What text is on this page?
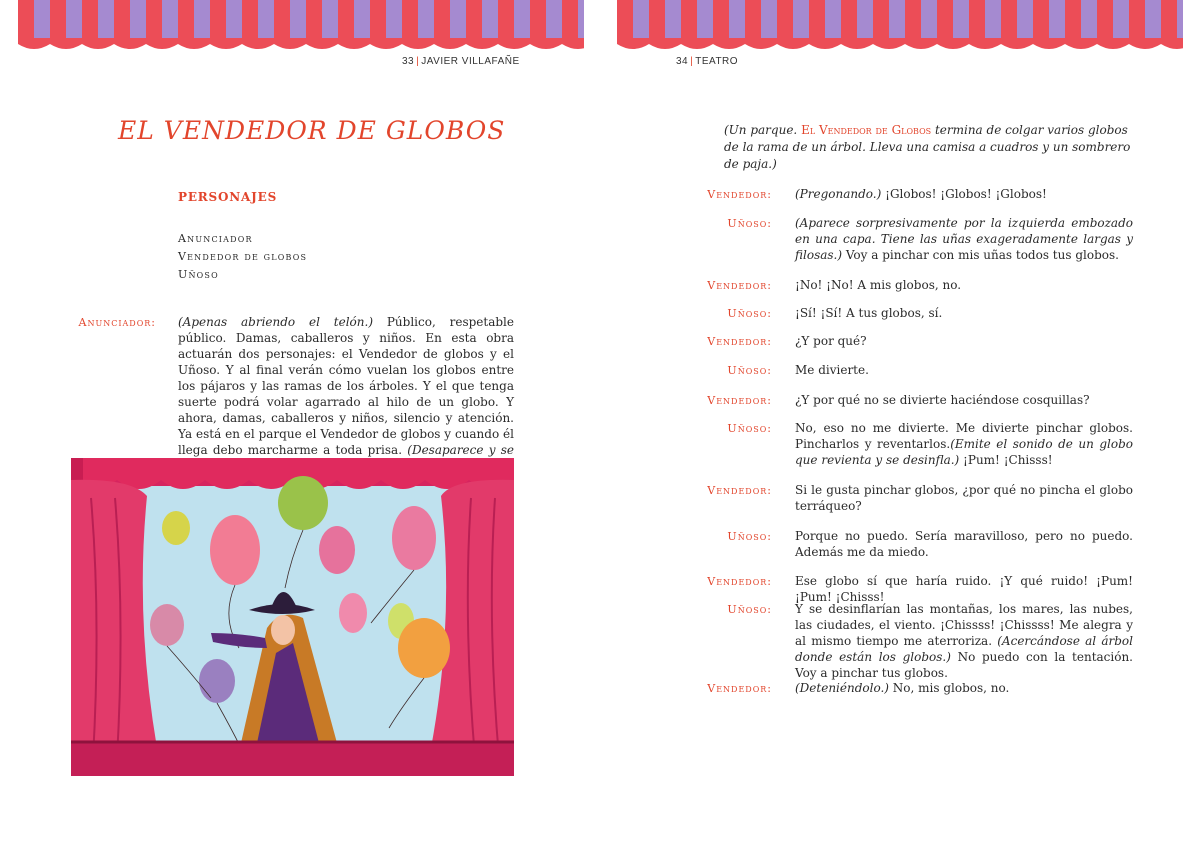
33 | JAVIER VILLAFAÑE
EL VENDEDOR DE GLOBOS
PERSONAJES
Anunciador
Vendedor de globos
Uñoso
Anunciador: (Apenas abriendo el telón.) Público, respetable público. Damas, caballeros y niños. En esta obra actuarán dos personajes: el Vendedor de globos y el Uñoso. Y al final verán cómo vuelan los globos entre los pájaros y las ramas de los árboles. Y el que tenga suerte podrá volar agarrado al hilo de un globo. Y ahora, damas, caballeros y niños, silencio y atención. Ya está en el parque el Vendedor de globos y cuando él llega debo marcharme a toda prisa. (Desaparece y se
34 | TEATRO
(Un parque. El Vendedor de Globos termina de colgar varios globos de la rama de un árbol. Lleva una camisa a cuadros y un sombrero de paja.)
Vendedor: (Pregonando.) ¡Globos! ¡Globos! ¡Globos!
Uñoso: (Aparece sorpresivamente por la izquierda embozado en una capa. Tiene las uñas exageradamente largas y filosas.) Voy a pinchar con mis uñas todos tus globos.
Vendedor: ¡No! ¡No! A mis globos, no.
Uñoso: ¡Sí! ¡Sí! A tus globos, sí.
Vendedor: ¿Y por qué?
Uñoso: Me divierte.
Vendedor: ¿Y por qué no se divierte haciéndose cosquillas?
Uñoso: No, eso no me divierte. Me divierte pinchar globos. Pincharlos y reventarlos.(Emite el sonido de un globo que revienta y se desinfla.) ¡Pum! ¡Chisss!
Vendedor: Si le gusta pinchar globos, ¿por qué no pincha el globo terráqueo?
Uñoso: Porque no puedo. Sería maravilloso, pero no puedo. Además me da miedo.
Vendedor: Ese globo sí que haría ruido. ¡Y qué ruido! ¡Pum! ¡Pum! ¡Chisss!
Uñoso: Y se desinflarían las montañas, los mares, las nubes, las ciudades, el viento. ¡Chissss! ¡Chissss! Me alegra y al mismo tiempo me aterroriza. (Acercándose al árbol donde están los globos.) No puedo con la tentación. Voy a pinchar tus globos.
Vendedor: (Deteniéndolo.) No, mis globos, no.
